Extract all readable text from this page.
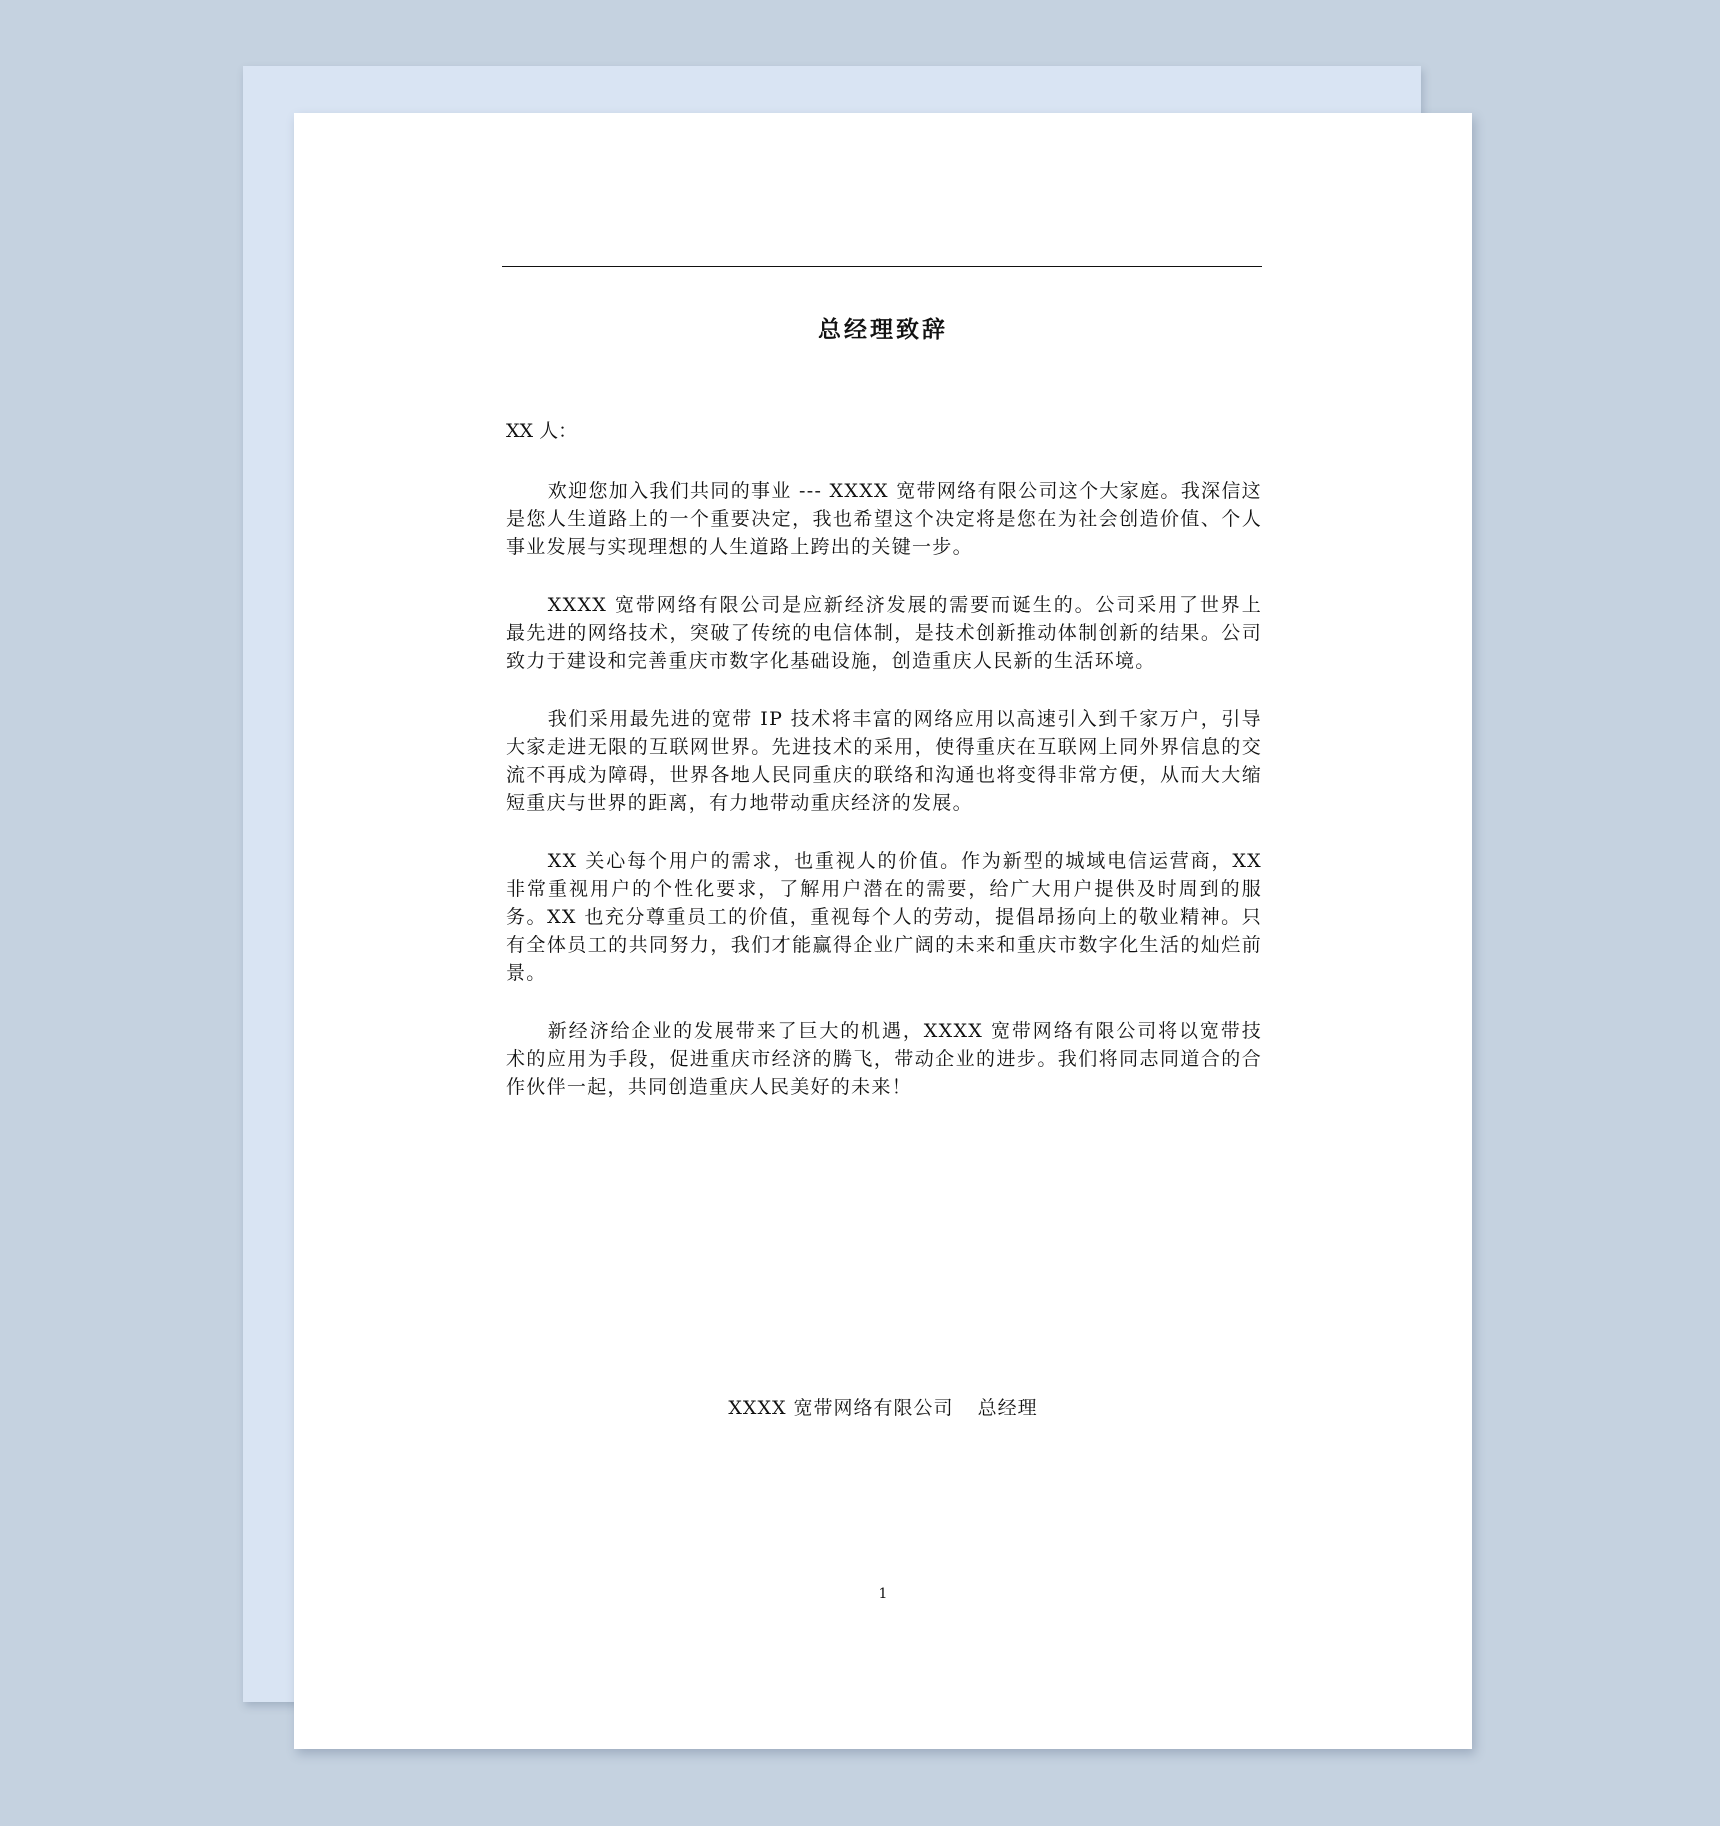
总经理致辞
XX 人：

欢迎您加入我们共同的事业 --- XXXX 宽带网络有限公司这个大家庭。我深信这是您人生道路上的一个重要决定，我也希望这个决定将是您在为社会创造价值、个人事业发展与实现理想的人生道路上跨出的关键一步。

XXXX 宽带网络有限公司是应新经济发展的需要而诞生的。公司采用了世界上最先进的网络技术，突破了传统的电信体制，是技术创新推动体制创新的结果。公司致力于建设和完善重庆市数字化基础设施，创造重庆人民新的生活环境。

我们采用最先进的宽带 IP 技术将丰富的网络应用以高速引入到千家万户，引导大家走进无限的互联网世界。先进技术的采用，使得重庆在互联网上同外界信息的交流不再成为障碍，世界各地人民同重庆的联络和沟通也将变得非常方便，从而大大缩短重庆与世界的距离，有力地带动重庆经济的发展。

XX 关心每个用户的需求，也重视人的价值。作为新型的城域电信运营商，XX 非常重视用户的个性化要求，了解用户潜在的需要，给广大用户提供及时周到的服务。XX 也充分尊重员工的价值，重视每个人的劳动，提倡昂扬向上的敬业精神。只有全体员工的共同努力，我们才能赢得企业广阔的未来和重庆市数字化生活的灿烂前景。

新经济给企业的发展带来了巨大的机遇，XXXX 宽带网络有限公司将以宽带技术的应用为手段，促进重庆市经济的腾飞，带动企业的进步。我们将同志同道合的合作伙伴一起，共同创造重庆人民美好的未来！

XXXX 宽带网络有限公司 总经理
1
